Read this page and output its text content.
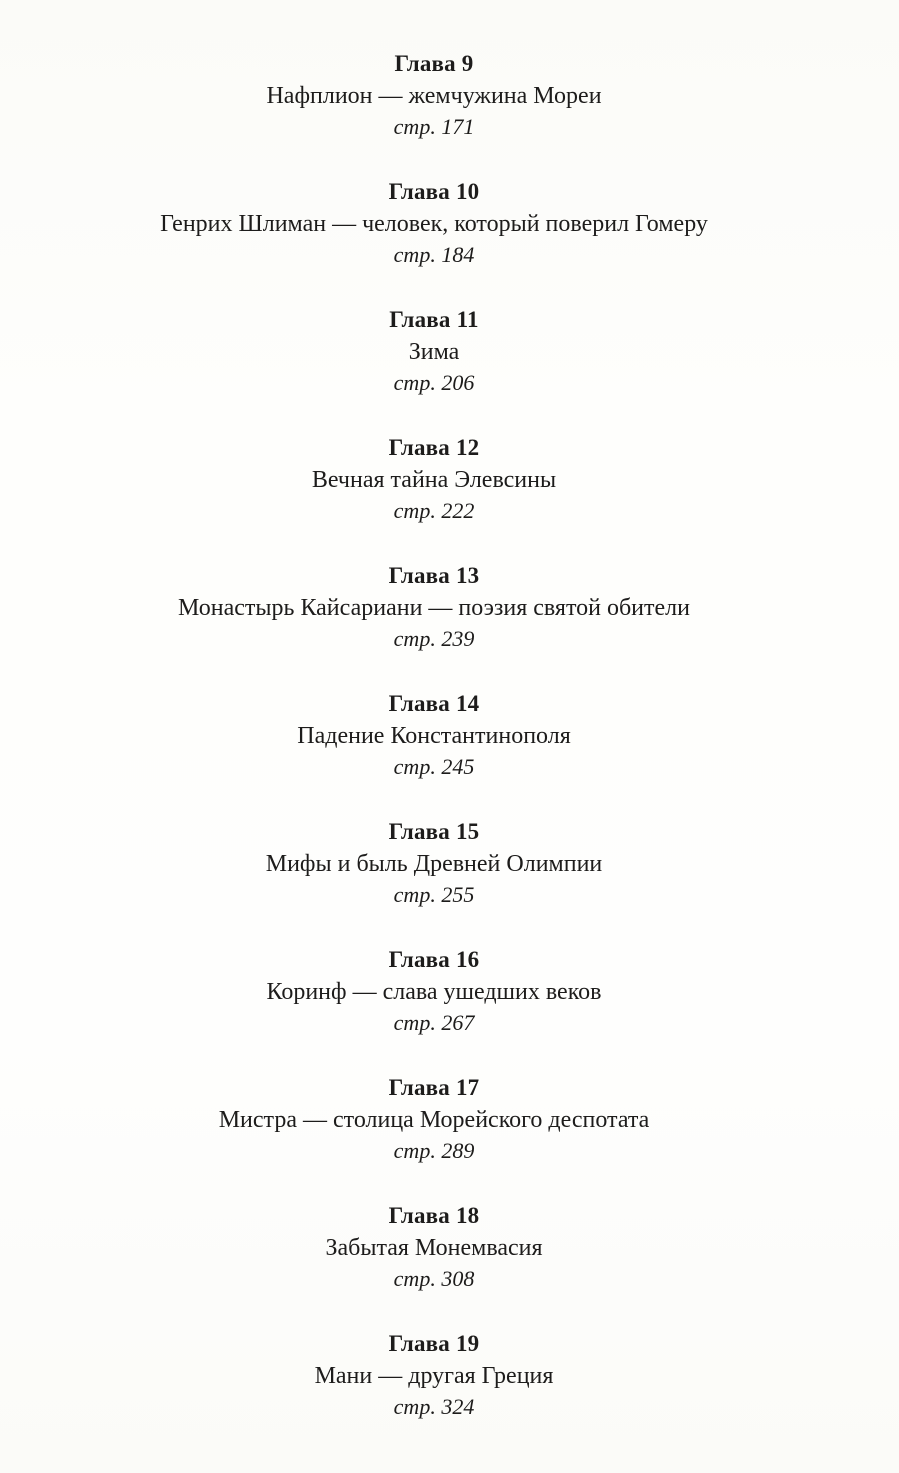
Глава 9
Нафплион — жемчужина Мореи
стр. 171
Глава 10
Генрих Шлиман — человек, который поверил Гомеру
стр. 184
Глава 11
Зима
стр. 206
Глава 12
Вечная тайна Элевсины
стр. 222
Глава 13
Монастырь Кайсариани — поэзия святой обители
стр. 239
Глава 14
Падение Константинополя
стр. 245
Глава 15
Мифы и быль Древней Олимпии
стр. 255
Глава 16
Коринф — слава ушедших веков
стр. 267
Глава 17
Мистра — столица Морейского деспотата
стр. 289
Глава 18
Забытая Монемвасия
стр. 308
Глава 19
Мани — другая Греция
стр. 324
